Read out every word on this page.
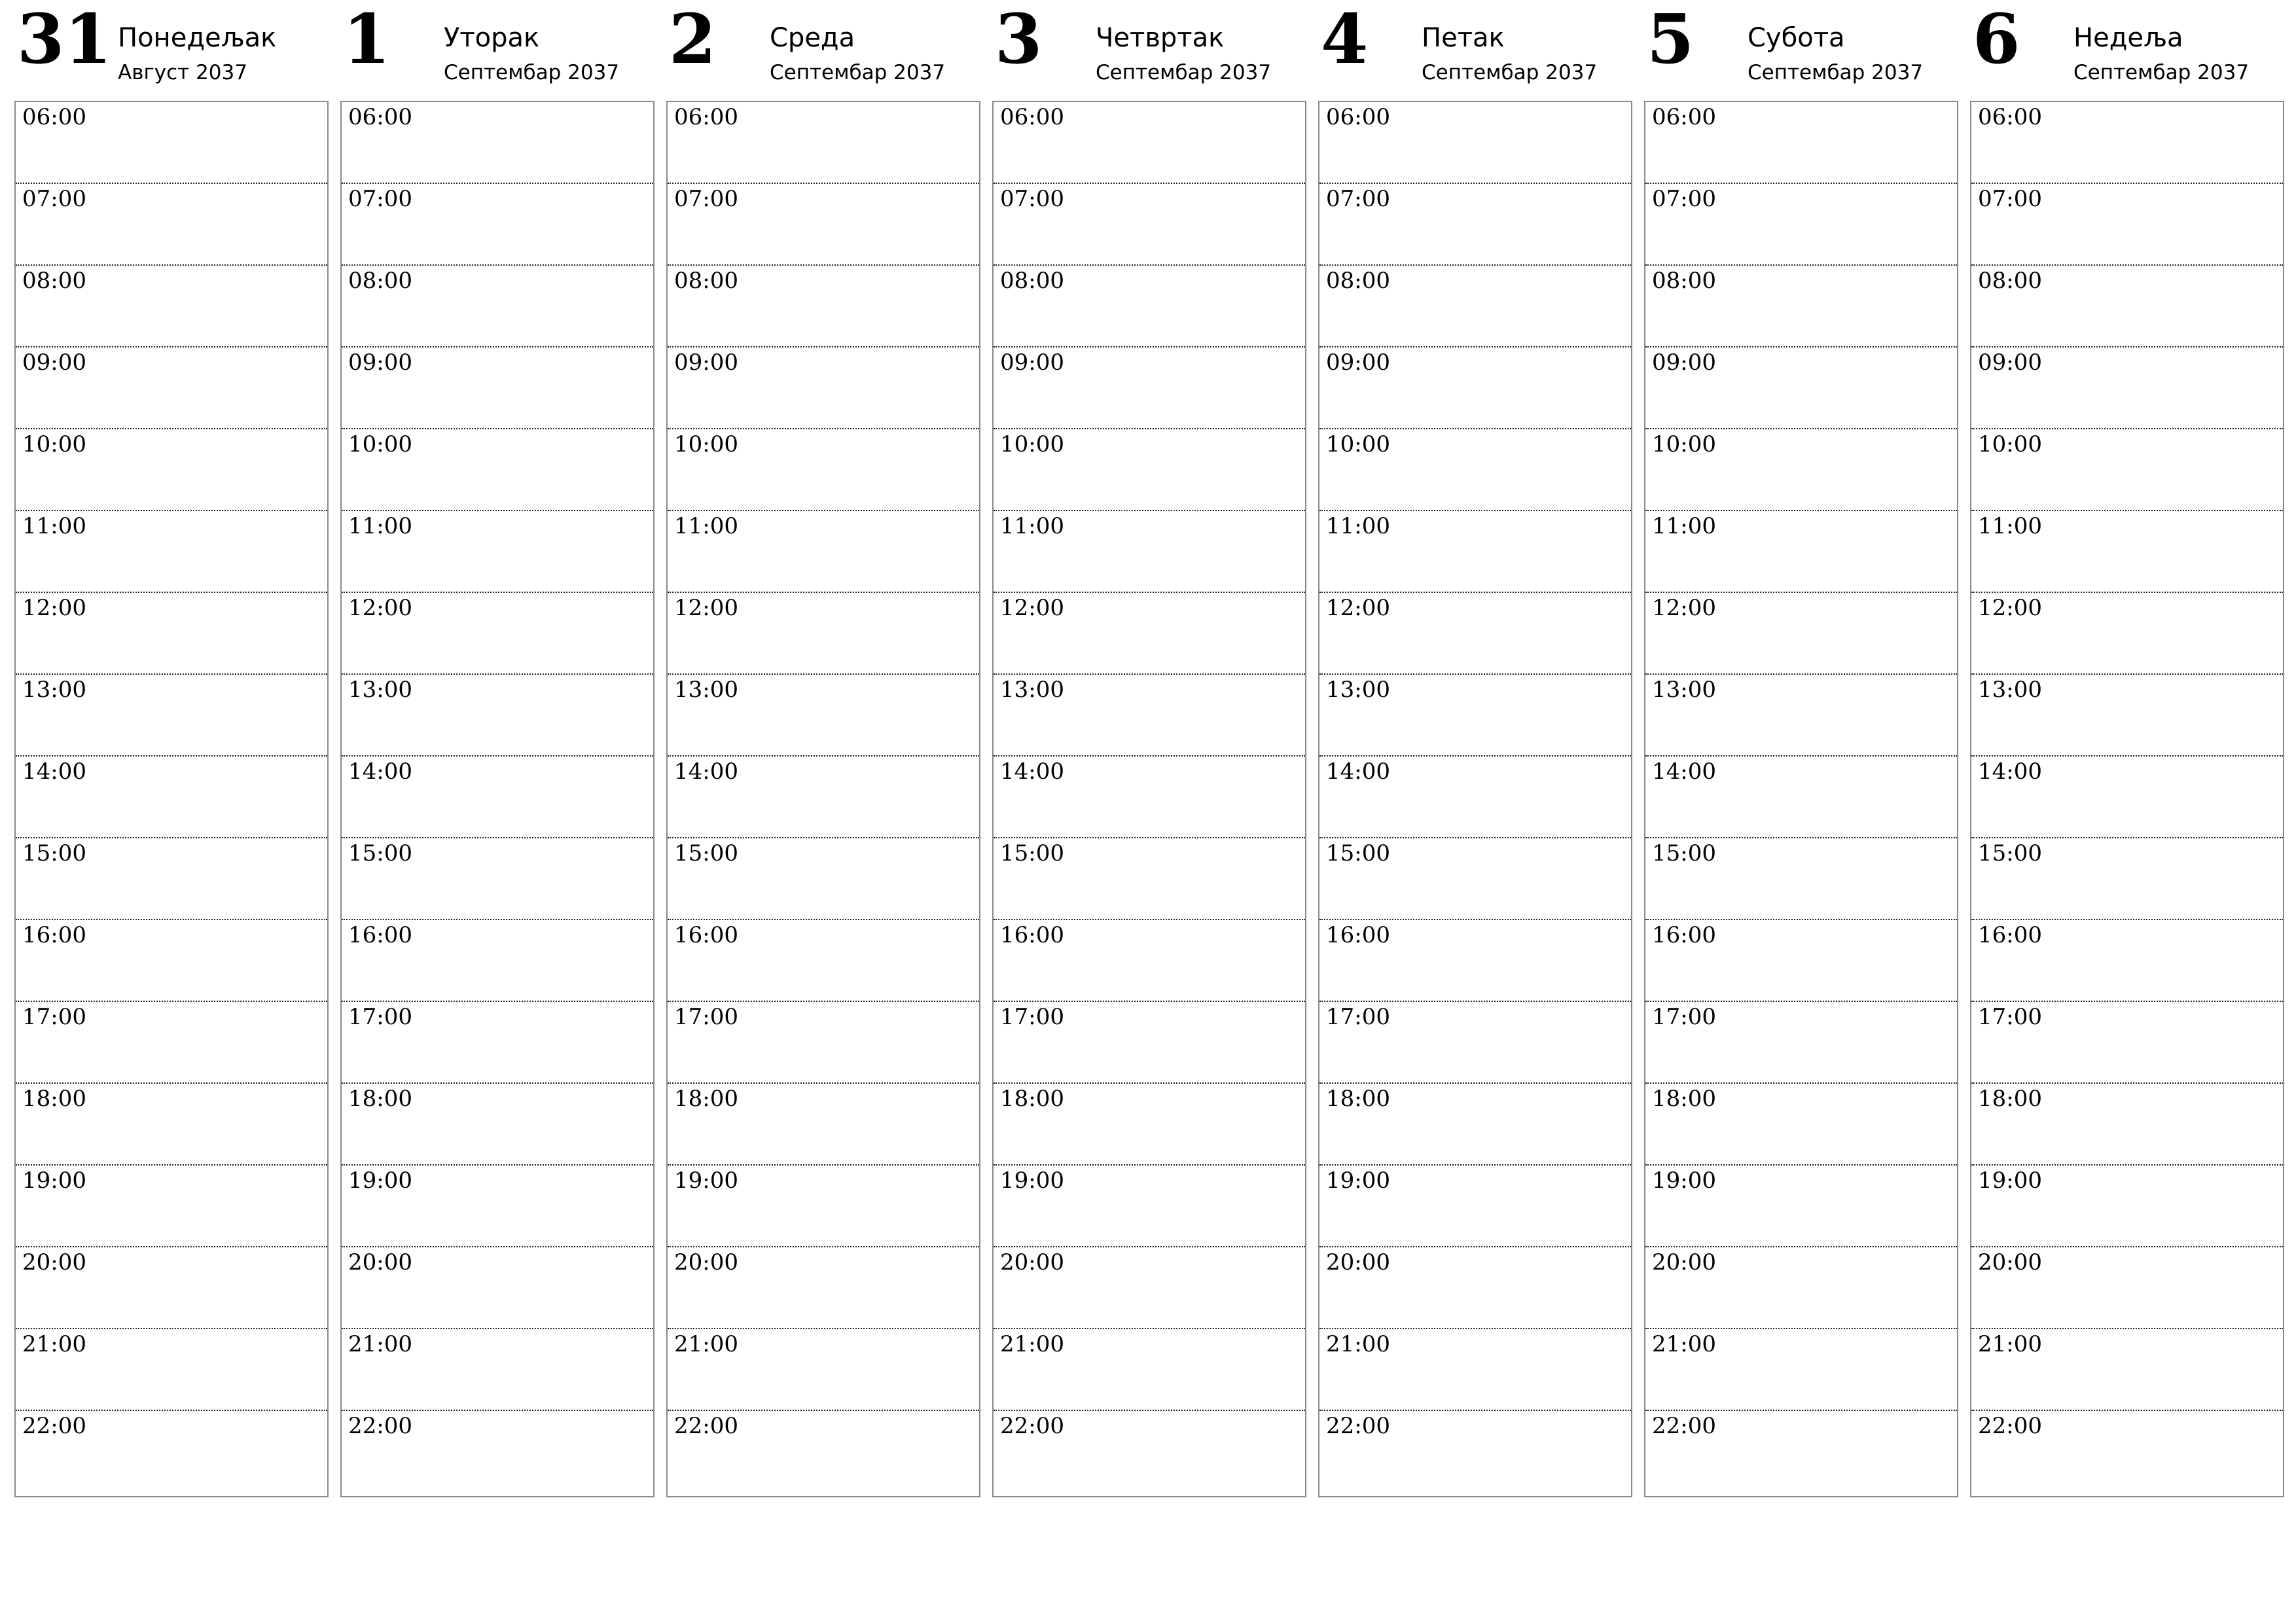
31 Понедељак
Август 2037
06:00
07:00
08:00
09:00
10:00
11:00
12:00
13:00
14:00
15:00
16:00
17:00
18:00
19:00
20:00
21:00
22:00
1 Уторак
Септембар 2037
06:00
07:00
08:00
09:00
10:00
11:00
12:00
13:00
14:00
15:00
16:00
17:00
18:00
19:00
20:00
21:00
22:00
2 Среда
Септембар 2037
06:00
07:00
08:00
09:00
10:00
11:00
12:00
13:00
14:00
15:00
16:00
17:00
18:00
19:00
20:00
21:00
22:00
3 Четвртак
Септембар 2037
06:00
07:00
08:00
09:00
10:00
11:00
12:00
13:00
14:00
15:00
16:00
17:00
18:00
19:00
20:00
21:00
22:00
4 Петак
Септембар 2037
06:00
07:00
08:00
09:00
10:00
11:00
12:00
13:00
14:00
15:00
16:00
17:00
18:00
19:00
20:00
21:00
22:00
5 Субота
Септембар 2037
06:00
07:00
08:00
09:00
10:00
11:00
12:00
13:00
14:00
15:00
16:00
17:00
18:00
19:00
20:00
21:00
22:00
6 Недеља
Септембар 2037
06:00
07:00
08:00
09:00
10:00
11:00
12:00
13:00
14:00
15:00
16:00
17:00
18:00
19:00
20:00
21:00
22:00
